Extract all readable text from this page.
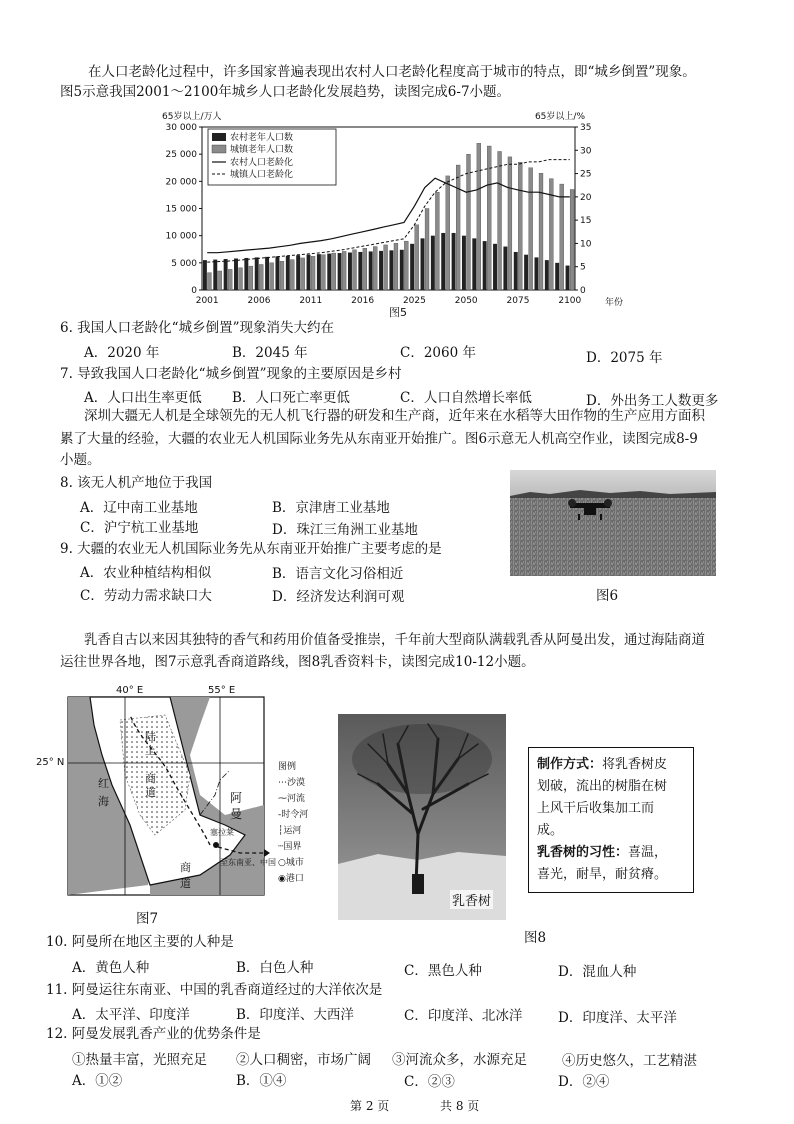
在人口老龄化过程中，许多国家普遍表现出农村人口老龄化程度高于城市的特点，即“城乡倒置”现象。
图5示意我国2001～2100年城乡人口老龄化发展趋势，读图完成6-7小题。
0
5 000
10 000
15 000
20 000
25 000
30 000
0
5
10
15
20
25
30
35
65岁以上/万人	65岁以上/%
年份
2001	2006	2011	2016	2025	2050	2075	2100
图5
农村老年人口数
城镇老年人口数
农村人口老龄化
城镇人口老龄化
6. 我国人口老龄化“城乡倒置”现象消失大约在
A．2020 年	B．2045 年	C．2060 年	D．2075 年
7. 导致我国人口老龄化“城乡倒置”现象的主要原因是乡村
A．人口出生率更低 B．人口死亡率更低	C．人口自然增长率低	D．外出务工人数更多
深圳大疆无人机是全球领先的无人机飞行器的研发和生产商，近年来在水稻等大田作物的生产应用方面积
累了大量的经验，大疆的农业无人机国际业务先从东南亚开始推广。图6示意无人机高空作业，读图完成8-9
小题。
8. 该无人机产地位于我国
A．辽中南工业基地	B．京津唐工业基地
C．沪宁杭工业基地	D．珠江三角洲工业基地
9. 大疆的农业无人机国际业务先从东南亚开始推广主要考虑的是
A．农业种植结构相似	B．语言文化习俗相近
C．劳动力需求缺口大	D．经济发达利润可观	图6
乳香自古以来因其独特的香气和药用价值备受推崇，千年前大型商队满载乳香从阿曼出发，通过海陆商道
运往世界各地，图7示意乳香商道路线，图8乳香资料卡，读图完成10-12小题。
40° E	55° E
25° N
陆
上
商
道
红
海	阿
曼
塞拉莱
至东南亚、中国
商
道
图例
⋯沙漠
⁓河流
‐时令河
┆运河
┄国界
○城市
◉港口
图7
乳香树
图8
制作方式：将乳香树皮
划破，流出的树脂在树
上风干后收集加工而
成。
乳香树的习性：喜温，
喜光，耐旱，耐贫瘠。
10. 阿曼所在地区主要的人种是
A．黄色人种	B．白色人种	C．黑色人种	D．混血人种
11. 阿曼运往东南亚、中国的乳香商道经过的大洋依次是
A．太平洋、印度洋	B．印度洋、大西洋	C．印度洋、北冰洋	D．印度洋、太平洋
12. 阿曼发展乳香产业的优势条件是
①热量丰富，光照充足 ②人口稠密，市场广阔 ③河流众多，水源充足	④历史悠久，工艺精湛
A．①②	B．①④	C．②③	D．②④
第 2 页	共 8 页
